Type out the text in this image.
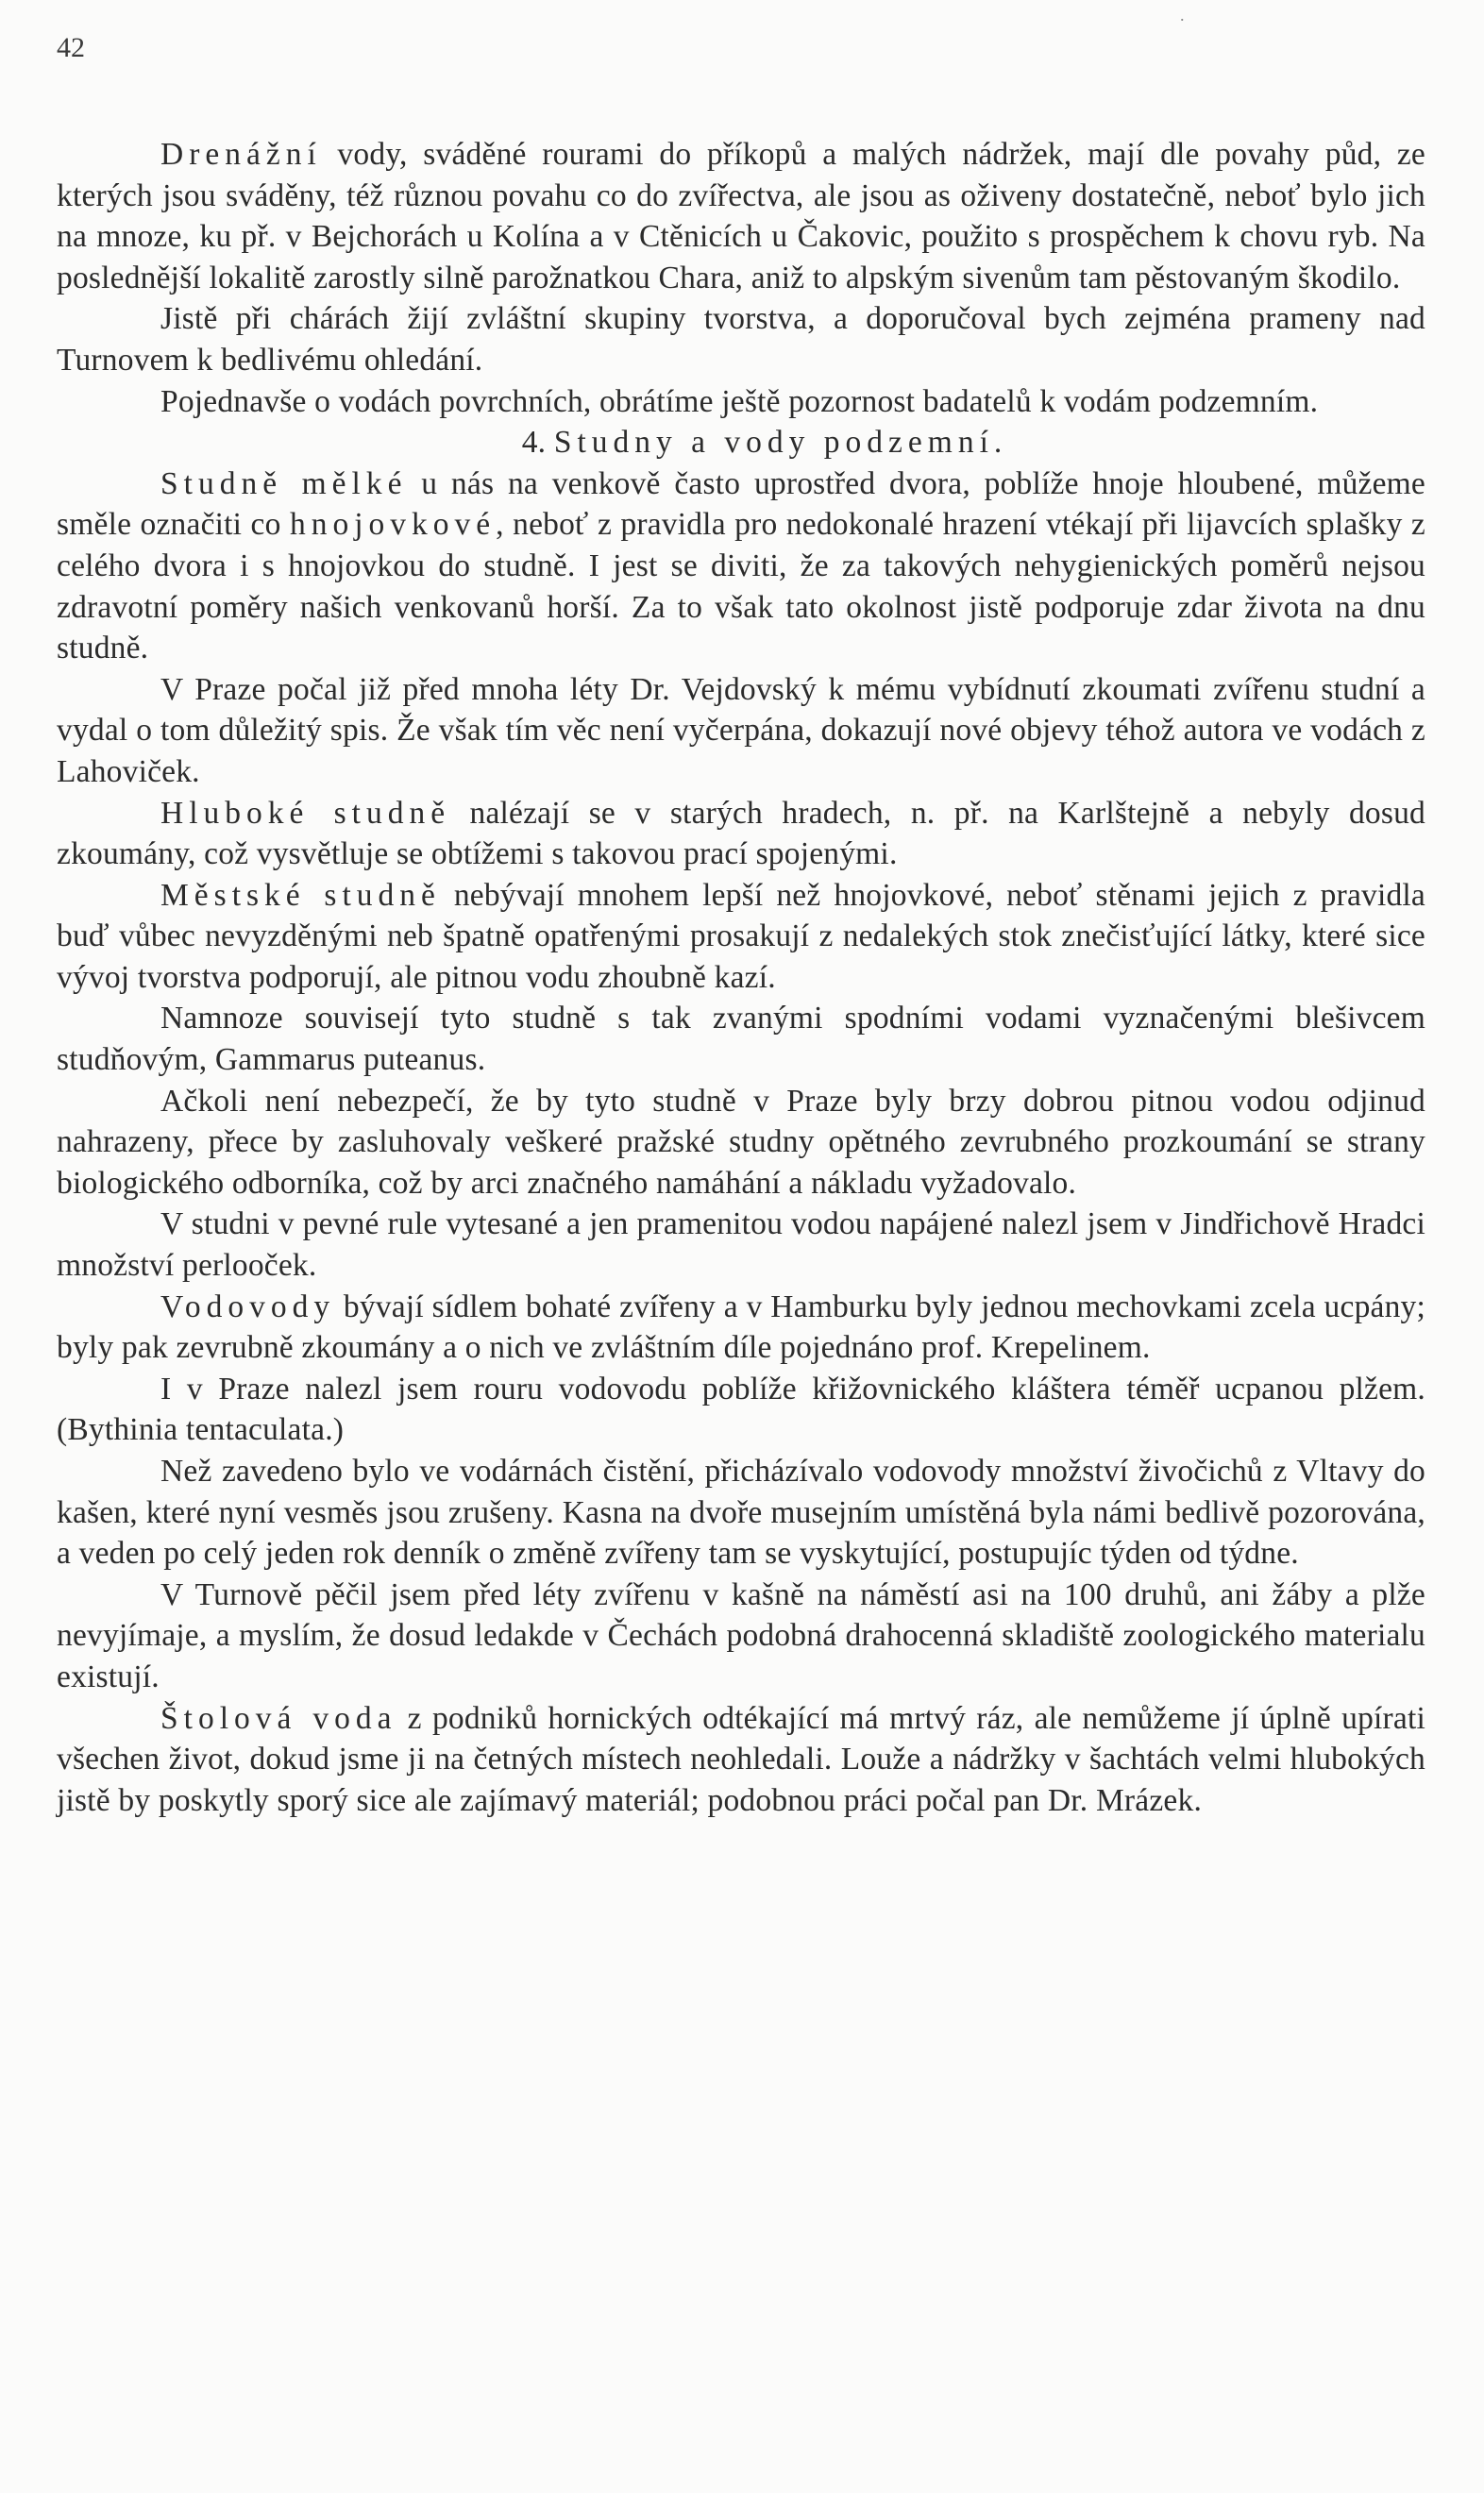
42
.

Drenážní vody, sváděné rourami do příkopů a malých nádržek, mají dle povahy půd, ze kterých jsou sváděny, též různou povahu co do zvířectva, ale jsou as oživeny dostatečně, neboť bylo jich na mnoze, ku př. v Bejchorách u Kolína a v Ctěnicích u Čakovic, použito s prospěchem k chovu ryb. Na poslednější lokalitě zarostly silně parožnatkou Chara, aniž to alpským sivenům tam pěstovaným škodilo.

Jistě při chárách žijí zvláštní skupiny tvorstva, a doporučoval bych zejména prameny nad Turnovem k bedlivému ohledání.

Pojednavše o vodách povrchních, obrátíme ještě pozornost badatelů k vodám podzemním.

4. Studny a vody podzemní.

Studně mělké u nás na venkově často uprostřed dvora, poblíže hnoje hloubené, můžeme směle označiti co hnojovkové, neboť z pravidla pro nedokonalé hrazení vtékají při lijavcích splašky z celého dvora i s hnojovkou do studně. I jest se diviti, že za takových nehygienických poměrů nejsou zdravotní poměry našich venkovanů horší. Za to však tato okolnost jistě podporuje zdar života na dnu studně.

V Praze počal již před mnoha léty Dr. Vejdovský k mému vybídnutí zkoumati zvířenu studní a vydal o tom důležitý spis. Že však tím věc není vyčerpána, dokazují nové objevy téhož autora ve vodách z Lahoviček.

Hluboké studně nalézají se v starých hradech, n. př. na Karlštejně a nebyly dosud zkoumány, což vysvětluje se obtížemi s takovou prací spojenými.

Městské studně nebývají mnohem lepší než hnojovkové, neboť stěnami jejich z pravidla buď vůbec nevyzděnými neb špatně opatřenými prosakují z nedalekých stok znečisťující látky, které sice vývoj tvorstva podporují, ale pitnou vodu zhoubně kazí.

Namnoze souvisejí tyto studně s tak zvanými spodními vodami vyznačenými blešivcem studňovým, Gammarus puteanus.

Ačkoli není nebezpečí, že by tyto studně v Praze byly brzy dobrou pitnou vodou odjinud nahrazeny, přece by zasluhovaly veškeré pražské studny opětného zevrubného prozkoumání se strany biologického odborníka, což by arci značného namáhání a nákladu vyžadovalo.

V studni v pevné rule vytesané a jen pramenitou vodou napájené nalezl jsem v Jindřichově Hradci množství perlooček.

Vodovody bývají sídlem bohaté zvířeny a v Hamburku byly jednou mechovkami zcela ucpány; byly pak zevrubně zkoumány a o nich ve zvláštním díle pojednáno prof. Krepelinem.

I v Praze nalezl jsem rouru vodovodu poblíže křižovnického kláštera téměř ucpanou plžem. (Bythinia tentaculata.)

Než zavedeno bylo ve vodárnách čistění, přicházívalo vodovody množství živočichů z Vltavy do kašen, které nyní vesměs jsou zrušeny. Kasna na dvoře musejním umístěná byla námi bedlivě pozorována, a veden po celý jeden rok denník o změně zvířeny tam se vyskytující, postupujíc týden od týdne.

V Turnově pěčil jsem před léty zvířenu v kašně na náměstí asi na 100 druhů, ani žáby a plže nevyjímaje, a myslím, že dosud ledakde v Čechách podobná drahocenná skladiště zoologického materialu existují.

Štolová voda z podniků hornických odtékající má mrtvý ráz, ale nemůžeme jí úplně upírati všechen život, dokud jsme ji na četných místech neohledali. Louže a nádržky v šachtách velmi hlubokých jistě by poskytly sporý sice ale zajímavý materiál; podobnou práci počal pan Dr. Mrázek.
